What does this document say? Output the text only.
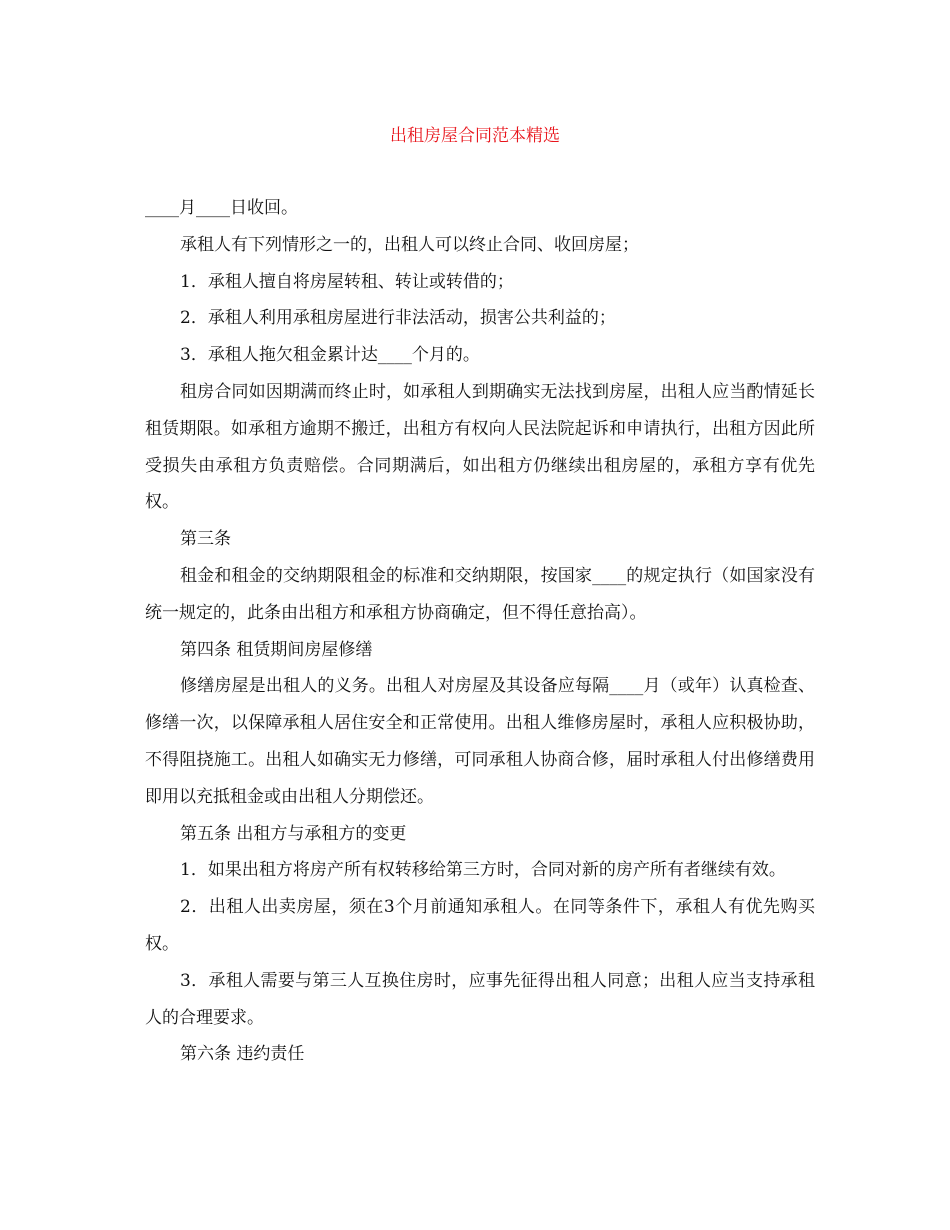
出租房屋合同范本精选

____月____日收回。

承租人有下列情形之一的，出租人可以终止合同、收回房屋；

1．承租人擅自将房屋转租、转让或转借的；

2．承租人利用承租房屋进行非法活动，损害公共利益的；

3．承租人拖欠租金累计达____个月的。

租房合同如因期满而终止时，如承租人到期确实无法找到房屋，出租人应当酌情延长租赁期限。如承租方逾期不搬迁，出租方有权向人民法院起诉和申请执行，出租方因此所受损失由承租方负责赔偿。合同期满后，如出租方仍继续出租房屋的，承租方享有优先权。

第三条

租金和租金的交纳期限租金的标准和交纳期限，按国家____的规定执行（如国家没有统一规定的，此条由出租方和承租方协商确定，但不得任意抬高）。

第四条 租赁期间房屋修缮

修缮房屋是出租人的义务。出租人对房屋及其设备应每隔____月（或年）认真检查、修缮一次，以保障承租人居住安全和正常使用。出租人维修房屋时，承租人应积极协助，不得阻挠施工。出租人如确实无力修缮，可同承租人协商合修，届时承租人付出修缮费用即用以充抵租金或由出租人分期偿还。

第五条 出租方与承租方的变更

1．如果出租方将房产所有权转移给第三方时，合同对新的房产所有者继续有效。

2．出租人出卖房屋，须在3个月前通知承租人。在同等条件下，承租人有优先购买权。

3．承租人需要与第三人互换住房时，应事先征得出租人同意；出租人应当支持承租人的合理要求。

第六条 违约责任
